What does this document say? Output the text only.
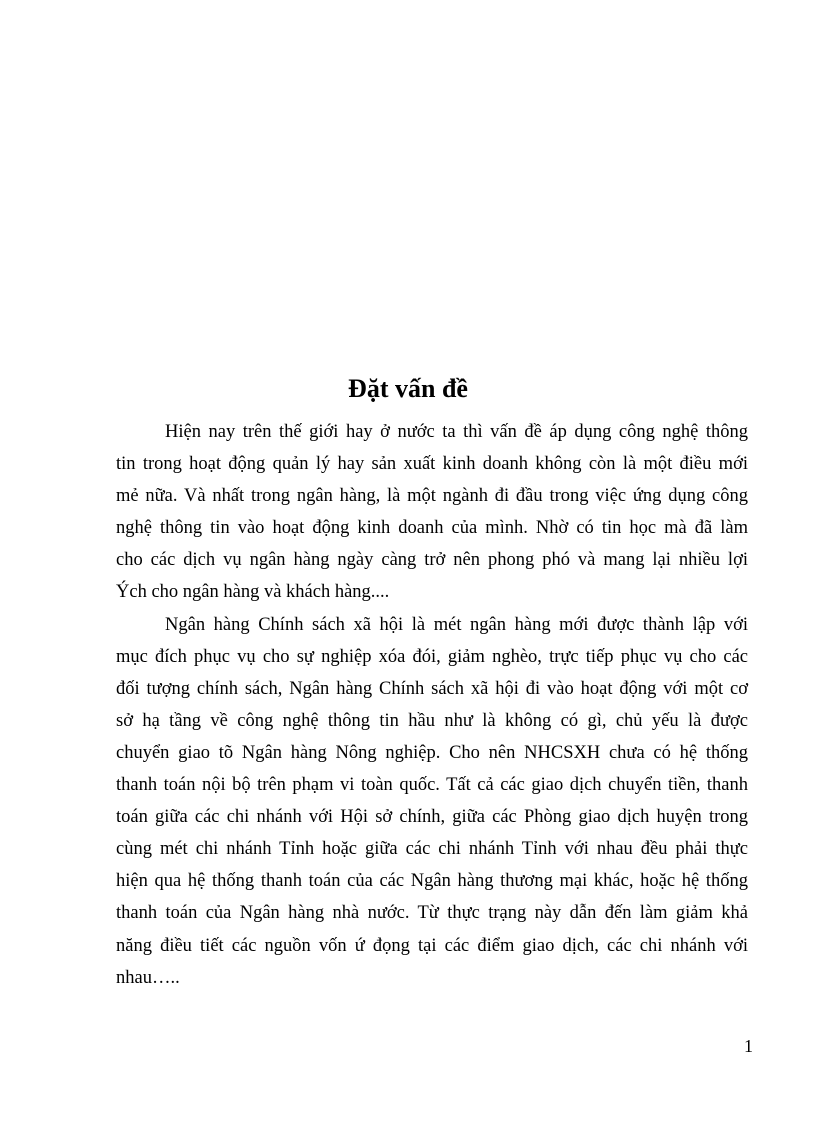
Đặt vấn đề

Hiện nay trên thế giới hay ở nước ta thì vấn đề áp dụng công nghệ thông

tin trong hoạt động quản lý hay sản xuất kinh doanh không còn là một điều mới

mẻ nữa. Và nhất trong ngân hàng, là một ngành đi đầu trong việc ứng dụng công

nghệ thông tin vào hoạt động kinh doanh của mình. Nhờ có tin học mà đã làm

cho các dịch vụ ngân hàng ngày càng trở nên phong phó và mang lại nhiều lợi

Ých cho ngân hàng và khách hàng....

Ngân hàng Chính sách xã hội là mét ngân hàng mới được thành lập với

mục đích phục vụ cho sự nghiệp xóa đói, giảm nghèo, trực tiếp phục vụ cho các

đối tượng chính sách, Ngân hàng Chính sách xã hội đi vào hoạt động với một cơ

sở hạ tầng về công nghệ thông tin hầu như là không có gì, chủ yếu là được

chuyển giao tõ Ngân hàng Nông nghiệp. Cho nên NHCSXH chưa có hệ thống

thanh toán nội bộ trên phạm vi toàn quốc. Tất cả các giao dịch chuyển tiền, thanh

toán giữa các chi nhánh với Hội sở chính, giữa các Phòng giao dịch huyện trong

cùng mét chi nhánh Tỉnh hoặc giữa các chi nhánh Tỉnh với nhau đều phải thực

hiện qua hệ thống thanh toán của các Ngân hàng thương mại khác, hoặc hệ thống

thanh toán của Ngân hàng nhà nước. Từ thực trạng này dẫn đến làm giảm khả

năng điều tiết các nguồn vốn ứ đọng tại các điểm giao dịch, các chi nhánh với

nhau…..

1
